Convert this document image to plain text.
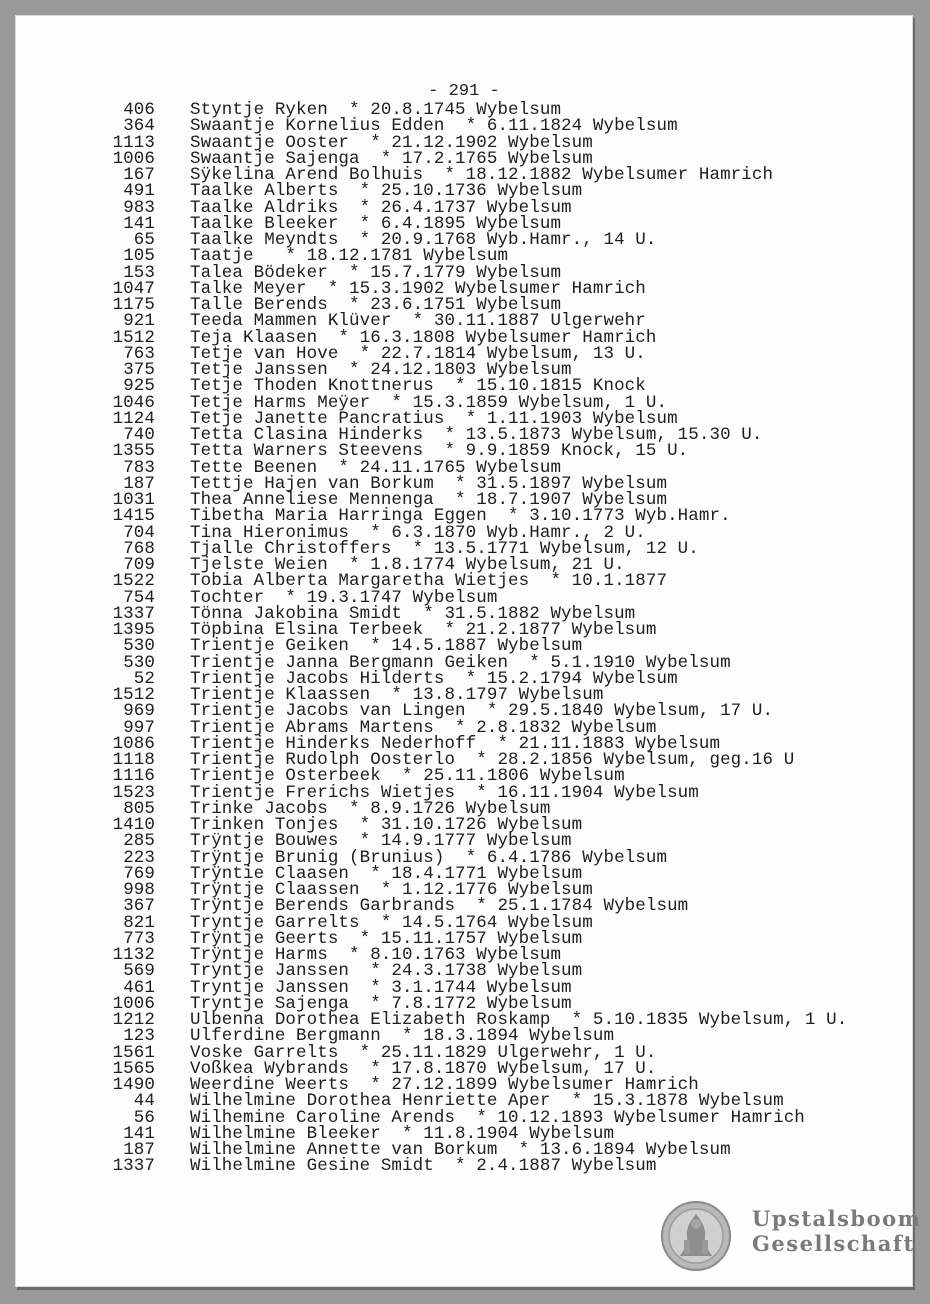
- 291 -
406 Styntje Ryken  * 20.8.1745 Wybelsum
364 Swaantje Kornelius Edden  * 6.11.1824 Wybelsum
1113 Swaantje Ooster  * 21.12.1902 Wybelsum
1006 Swaantje Sajenga  * 17.2.1765 Wybelsum
167 Sÿkelina Arend Bolhuis  * 18.12.1882 Wybelsumer Hamrich
491 Taalke Alberts  * 25.10.1736 Wybelsum
983 Taalke Aldriks  * 26.4.1737 Wybelsum
141 Taalke Bleeker  * 6.4.1895 Wybelsum
65 Taalke Meyndts  * 20.9.1768 Wyb.Hamr., 14 U.
105 Taatje   * 18.12.1781 Wybelsum
153 Talea Bödeker  * 15.7.1779 Wybelsum
1047 Talke Meyer  * 15.3.1902 Wybelsumer Hamrich
1175 Talle Berends  * 23.6.1751 Wybelsum
921 Teeda Mammen Klüver  * 30.11.1887 Ulgerwehr
1512 Teja Klaasen  * 16.3.1808 Wybelsumer Hamrich
763 Tetje van Hove  * 22.7.1814 Wybelsum, 13 U.
375 Tetje Janssen  * 24.12.1803 Wybelsum
925 Tetje Thoden Knottnerus  * 15.10.1815 Knock
1046 Tetje Harms Meÿer  * 15.3.1859 Wybelsum, 1 U.
1124 Tetje Janette Pancratius  * 1.11.1903 Wybelsum
740 Tetta Clasina Hinderks  * 13.5.1873 Wybelsum, 15.30 U.
1355 Tetta Warners Steevens  * 9.9.1859 Knock, 15 U.
783 Tette Beenen  * 24.11.1765 Wybelsum
187 Tettje Hajen van Borkum  * 31.5.1897 Wybelsum
1031 Thea Anneliese Mennenga  * 18.7.1907 Wybelsum
1415 Tibetha Maria Harringa Eggen  * 3.10.1773 Wyb.Hamr.
704 Tina Hieronimus  * 6.3.1870 Wyb.Hamr., 2 U.
768 Tjalle Christoffers  * 13.5.1771 Wybelsum, 12 U.
709 Tjelste Weien  * 1.8.1774 Wybelsum, 21 U.
1522 Tobia Alberta Margaretha Wietjes  * 10.1.1877
754 Tochter  * 19.3.1747 Wybelsum
1337 Tönna Jakobina Smidt  * 31.5.1882 Wybelsum
1395 Töpbina Elsina Terbeek  * 21.2.1877 Wybelsum
530 Trientje Geiken  * 14.5.1887 Wybelsum
530 Trientje Janna Bergmann Geiken  * 5.1.1910 Wybelsum
52 Trientje Jacobs Hilderts  * 15.2.1794 Wybelsum
1512 Trientje Klaassen  * 13.8.1797 Wybelsum
969 Trientje Jacobs van Lingen  * 29.5.1840 Wybelsum, 17 U.
997 Trientje Abrams Martens  * 2.8.1832 Wybelsum
1086 Trientje Hinderks Nederhoff  * 21.11.1883 Wybelsum
1118 Trientje Rudolph Oosterlo  * 28.2.1856 Wybelsum, geg.16 U
1116 Trientje Osterbeek  * 25.11.1806 Wybelsum
1523 Trientje Frerichs Wietjes  * 16.11.1904 Wybelsum
805 Trinke Jacobs  * 8.9.1726 Wybelsum
1410 Trinken Tonjes  * 31.10.1726 Wybelsum
285 Trÿntje Bouwes  * 14.9.1777 Wybelsum
223 Trÿntje Brunig (Brunius)  * 6.4.1786 Wybelsum
769 Trÿntie Claasen  * 18.4.1771 Wybelsum
998 Trÿntje Claassen  * 1.12.1776 Wybelsum
367 Trÿntje Berends Garbrands  * 25.1.1784 Wybelsum
821 Tryntje Garrelts  * 14.5.1764 Wybelsum
773 Trÿntje Geerts  * 15.11.1757 Wybelsum
1132 Trÿntje Harms  * 8.10.1763 Wybelsum
569 Tryntje Janssen  * 24.3.1738 Wybelsum
461 Tryntje Janssen  * 3.1.1744 Wybelsum
1006 Tryntje Sajenga  * 7.8.1772 Wybelsum
1212 Ulbenna Dorothea Elizabeth Roskamp  * 5.10.1835 Wybelsum, 1 U.
123 Ulferdine Bergmann  * 18.3.1894 Wybelsum
1561 Voske Garrelts  * 25.11.1829 Ulgerwehr, 1 U.
1565 Voßkea Wybrands  * 17.8.1870 Wybelsum, 17 U.
1490 Weerdine Weerts  * 27.12.1899 Wybelsumer Hamrich
44 Wilhelmine Dorothea Henriette Aper  * 15.3.1878 Wybelsum
56 Wilhemine Caroline Arends  * 10.12.1893 Wybelsumer Hamrich
141 Wilhelmine Bleeker  * 11.8.1904 Wybelsum
187 Wilhelmine Annette van Borkum  * 13.6.1894 Wybelsum
1337 Wilhelmine Gesine Smidt  * 2.4.1887 Wybelsum
Upstalsboom
Gesellschaft
